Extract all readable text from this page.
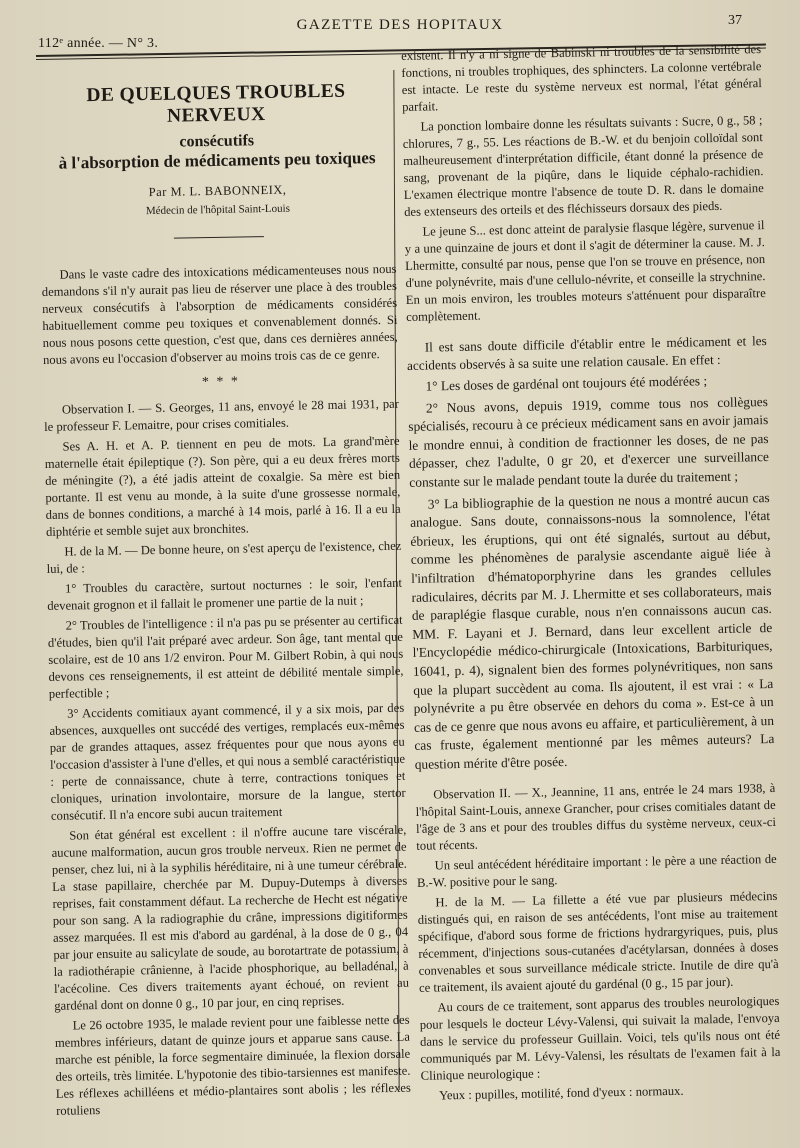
112ᵉ année. — N° 3.
GAZETTE DES HOPITAUX	37
DE QUELQUES TROUBLES NERVEUX
consécutifs
à l'absorption de médicaments peu toxiques
Par M. L. BABONNEIX,
Médecin de l'hôpital Saint-Louis

Dans le vaste cadre des intoxications médicamenteuses nous nous demandons s'il n'y aurait pas lieu de réserver une place à des troubles nerveux consécutifs à l'absorption de médicaments considérés habituellement comme peu toxiques et convenablement donnés. Si nous nous posons cette question, c'est que, dans ces dernières années, nous avons eu l'occasion d'observer au moins trois cas de ce genre.

* * *

Observation I. — S. Georges, 11 ans, envoyé le 28 mai 1931, par le professeur F. Lemaitre, pour crises comitiales.

Ses A. H. et A. P. tiennent en peu de mots. La grand'mère maternelle était épileptique (?). Son père, qui a eu deux frères morts de méningite (?), a été jadis atteint de coxalgie. Sa mère est bien portante. Il est venu au monde, à la suite d'une grossesse normale, dans de bonnes conditions, a marché à 14 mois, parlé à 16. Il a eu la diphtérie et semble sujet aux bronchites.

H. de la M. — De bonne heure, on s'est aperçu de l'existence, chez lui, de :

1° Troubles du caractère, surtout nocturnes : le soir, l'enfant devenait grognon et il fallait le promener une partie de la nuit ;

2° Troubles de l'intelligence : il n'a pas pu se présenter au certificat d'études, bien qu'il l'ait préparé avec ardeur. Son âge, tant mental que scolaire, est de 10 ans 1/2 environ. Pour M. Gilbert Robin, à qui nous devons ces renseignements, il est atteint de débilité mentale simple, perfectible ;

3° Accidents comitiaux ayant commencé, il y a six mois, par des absences, auxquelles ont succédé des vertiges, remplacés eux-mêmes par de grandes attaques, assez fréquentes pour que nous ayons eu l'occasion d'assister à l'une d'elles, et qui nous a semblé caractéristique : perte de connaissance, chute à terre, contractions toniques et cloniques, urination involontaire, morsure de la langue, stertor consécutif. Il n'a encore subi aucun traitement

Son état général est excellent : il n'offre aucune tare viscérale, aucune malformation, aucun gros trouble nerveux. Rien ne permet de penser, chez lui, ni à la syphilis héréditaire, ni à une tumeur cérébrale. La stase papillaire, cherchée par M. Dupuy-Dutemps à diverses reprises, fait constamment défaut. La recherche de Hecht est négative pour son sang. A la radiographie du crâne, impressions digitiformes assez marquées. Il est mis d'abord au gardénal, à la dose de 0 g., 04 par jour ensuite au salicylate de soude, au borotartrate de potassium, à la radiothérapie crânienne, à l'acide phosphorique, au belladénal, à l'acécoline. Ces divers traitements ayant échoué, on revient au gardénal dont on donne 0 g., 10 par jour, en cinq reprises.

Le 26 octobre 1935, le malade revient pour une faiblesse nette des membres inférieurs, datant de quinze jours et apparue sans cause. La marche est pénible, la force segmentaire diminuée, la flexion dorsale des orteils, très limitée. L'hypotonie des tibio-tarsiennes est manifeste. Les réflexes achilléens et médio-plantaires sont abolis ; les réflexes rotuliens

existent. Il n'y a ni signe de Babinski ni troubles de la sensibilité des fonctions, ni troubles trophiques, des sphincters. La colonne vertébrale est intacte. Le reste du système nerveux est normal, l'état général parfait.

La ponction lombaire donne les résultats suivants : Sucre, 0 g., 58 ; chlorures, 7 g., 55. Les réactions de B.-W. et du benjoin colloïdal sont malheureusement d'interprétation difficile, étant donné la présence de sang, provenant de la piqûre, dans le liquide céphalo-rachidien. L'examen électrique montre l'absence de toute D. R. dans le domaine des extenseurs des orteils et des fléchisseurs dorsaux des pieds.

Le jeune S... est donc atteint de paralysie flasque légère, survenue il y a une quinzaine de jours et dont il s'agit de déterminer la cause. M. J. Lhermitte, consulté par nous, pense que l'on se trouve en présence, non d'une polynévrite, mais d'une cellulo-névrite, et conseille la strychnine. En un mois environ, les troubles moteurs s'atténuent pour disparaître complètement.

Il est sans doute difficile d'établir entre le médicament et les accidents observés à sa suite une relation causale. En effet :

1° Les doses de gardénal ont toujours été modérées ;

2° Nous avons, depuis 1919, comme tous nos collègues spécialisés, recouru à ce précieux médicament sans en avoir jamais le mondre ennui, à condition de fractionner les doses, de ne pas dépasser, chez l'adulte, 0 gr 20, et d'exercer une surveillance constante sur le malade pendant toute la durée du traitement ;

3° La bibliographie de la question ne nous a montré aucun cas analogue. Sans doute, connaissons-nous la somnolence, l'état ébrieux, les éruptions, qui ont été signalés, surtout au début, comme les phénomènes de paralysie ascendante aiguë liée à l'infiltration d'hématoporphyrine dans les grandes cellules radiculaires, décrits par M. J. Lhermitte et ses collaborateurs, mais de paraplégie flasque curable, nous n'en connaissons aucun cas. MM. F. Layani et J. Bernard, dans leur excellent article de l'Encyclopédie médico-chirurgicale (Intoxications, Barbituriques, 16041, p. 4), signalent bien des formes polynévritiques, non sans que la plupart succèdent au coma. Ils ajoutent, il est vrai : « La polynévrite a pu être observée en dehors du coma ». Est-ce à un cas de ce genre que nous avons eu affaire, et particulièrement, à un cas fruste, également mentionné par les mêmes auteurs? La question mérite d'être posée.

Observation II. — X., Jeannine, 11 ans, entrée le 24 mars 1938, à l'hôpital Saint-Louis, annexe Grancher, pour crises comitiales datant de l'âge de 3 ans et pour des troubles diffus du système nerveux, ceux-ci tout récents.

Un seul antécédent héréditaire important : le père a une réaction de B.-W. positive pour le sang.

H. de la M. — La fillette a été vue par plusieurs médecins distingués qui, en raison de ses antécédents, l'ont mise au traitement spécifique, d'abord sous forme de frictions hydrargyriques, puis, plus récemment, d'injections sous-cutanées d'acétylarsan, données à doses convenables et sous surveillance médicale stricte. Inutile de dire qu'à ce traitement, ils avaient ajouté du gardénal (0 g., 15 par jour).

Au cours de ce traitement, sont apparus des troubles neurologiques pour lesquels le docteur Lévy-Valensi, qui suivait la malade, l'envoya dans le service du professeur Guillain. Voici, tels qu'ils nous ont été communiqués par M. Lévy-Valensi, les résultats de l'examen fait à la Clinique neurologique :

Yeux : pupilles, motilité, fond d'yeux : normaux.
